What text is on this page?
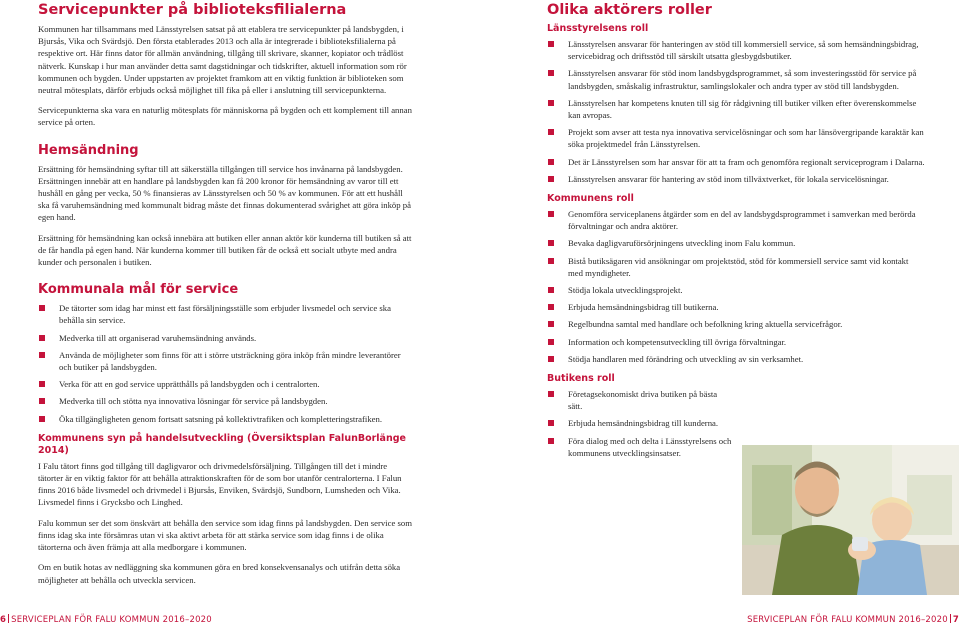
Servicepunkter på biblioteksfilialerna

Kommunen har tillsammans med Länsstyrelsen satsat på att etablera tre servicepunkter på landsbygden, i Bjursås, Vika och Svärdsjö. Den första etablerades 2013 och alla är integrerade i biblioteksfilialerna på respektive ort. Här finns dator för allmän användning, tillgång till skrivare, skanner, kopiator och trådlöst nätverk. Kunskap i hur man använder detta samt dagstidningar och tidskrifter, aktuell information som rör kommunen och bygden. Under uppstarten av projektet framkom att en viktig funktion är biblioteken som neutral mötesplats, därför erbjuds också möjlighet till fika på eller i anslutning till servicepunkterna.

Servicepunkterna ska vara en naturlig mötesplats för människorna på bygden och ett komplement till annan service på orten.

Hemsändning

Ersättning för hemsändning syftar till att säkerställa tillgången till service hos invånarna på landsbygden. Ersättningen innebär att en handlare på landsbygden kan få 200 kronor för hemsändning av varor till ett hushåll en gång per vecka, 50 % finansieras av Länsstyrelsen och 50 % av kommunen. För att ett hushåll ska få varuhemsändning med kommunalt bidrag måste det finnas dokumenterad svårighet att göra inköp på egen hand.

Ersättning för hemsändning kan också innebära att butiken eller annan aktör kör kunderna till butiken så att de får handla på egen hand. När kunderna kommer till butiken får de också ett socialt utbyte med andra kunder och personalen i butiken.

Kommunala mål för service
De tätorter som idag har minst ett fast försäljningsställe som erbjuder livsmedel och service ska behålla sin service.
Medverka till att organiserad varuhemsändning används.
Använda de möjligheter som finns för att i större utsträckning göra inköp från mindre leverantörer och butiker på landsbygden.
Verka för att en god service upprätthålls på landsbygden och i centralorten.
Medverka till och stötta nya innovativa lösningar för service på landsbygden.
Öka tillgängligheten genom fortsatt satsning på kollektivtrafiken och kompletteringstrafiken.
Kommunens syn på handelsutveckling (Översiktsplan FalunBorlänge 2014)

I Falu tätort finns god tillgång till dagligvaror och drivmedelsförsäljning. Tillgången till det i mindre tätorter är en viktig faktor för att behålla attraktionskraften för de som bor utanför centralorterna. I Falun finns 2016 både livsmedel och drivmedel i Bjursås, Enviken, Svärdsjö, Sundborn, Lumsheden och Vika. Livsmedel finns i Grycksbo och Linghed.

Falu kommun ser det som önskvärt att behålla den service som idag finns på landsbygden. Den service som finns idag ska inte försämras utan vi ska aktivt arbeta för att stärka service som idag finns i de olika tätorterna och även främja att alla medborgare i kommunen.

Om en butik hotas av nedläggning ska kommunen göra en bred konsekvensanalys och utifrån detta söka möjligheter att behålla och utveckla servicen.

Olika aktörers roller
Länsstyrelsens roll
Länsstyrelsen ansvarar för hanteringen av stöd till kommersiell service, så som hemsändningsbidrag, servicebidrag och driftsstöd till särskilt utsatta glesbygdsbutiker.
Länsstyrelsen ansvarar för stöd inom landsbygdsprogrammet, så som investeringsstöd för service på landsbygden, småskalig infrastruktur, samlingslokaler och andra typer av stöd till landsbygden.
Länsstyrelsen har kompetens knuten till sig för rådgivning till butiker vilken efter överenskommelse kan avropas.
Projekt som avser att testa nya innovativa servicelösningar och som har länsövergripande karaktär kan söka projektmedel från Länsstyrelsen.
Det är Länsstyrelsen som har ansvar för att ta fram och genomföra regionalt serviceprogram i Dalarna.
Länsstyrelsen ansvarar för hantering av stöd inom tillväxtverket, för lokala servicelösningar.
Kommunens roll
Genomföra serviceplanens åtgärder som en del av landsbygdsprogrammet i samverkan med berörda förvaltningar och andra aktörer.
Bevaka dagligvaruförsörjningens utveckling inom Falu kommun.
Bistå butiksägaren vid ansökningar om projektstöd, stöd för kommersiell service samt vid kontakt med myndigheter.
Stödja lokala utvecklingsprojekt.
Erbjuda hemsändningsbidrag till butikerna.
Regelbundna samtal med handlare och befolkning kring aktuella servicefrågor.
Information och kompetensutveckling till övriga förvaltningar.
Stödja handlaren med förändring och utveckling av sin verksamhet.
Butikens roll
Företagsekonomiskt driva butiken på bästa sätt.
Erbjuda hemsändningsbidrag till kunderna.
Föra dialog med och delta i Länsstyrelsens och kommunens utvecklingsinsatser.
6 SERVICEPLAN FÖR FALU KOMMUN 2016–2020	SERVICEPLAN FÖR FALU KOMMUN 2016–2020 7
